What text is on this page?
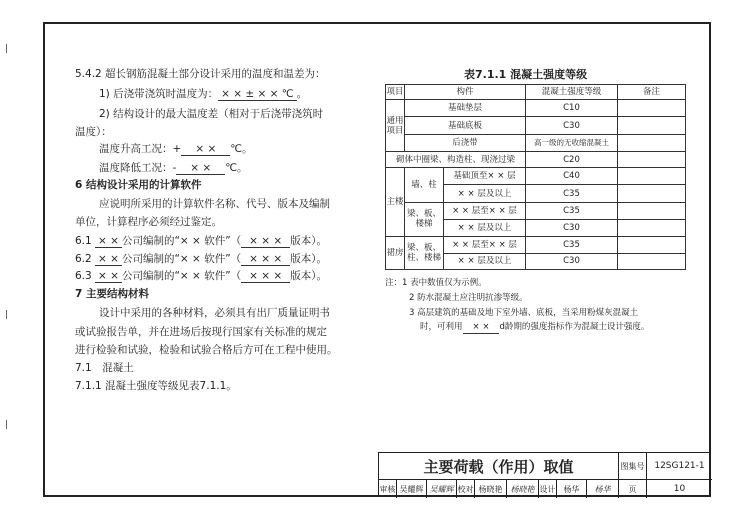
5.4.2 超长钢筋混凝土部分设计采用的温度和温差为：
1) 后浇带浇筑时温度为： × × ± × × ℃ 。
2) 结构设计的最大温度差（相对于后浇带浇筑时
温度）：
温度升高工况：+ × × ℃。
温度降低工况：- × × ℃。
6 结构设计采用的计算软件
应说明所采用的计算软件名称、代号、版本及编制
单位，计算程序必须经过鉴定。
6.1 × × 公司编制的“× × 软件”（ × × × 版本）。
6.2 × × 公司编制的“× × 软件”（ × × × 版本）。
6.3 × × 公司编制的“× × 软件”（ × × × 版本）。
7 主要结构材料
设计中采用的各种材料，必须具有出厂质量证明书
或试验报告单，并在进场后按现行国家有关标准的规定
进行检验和试验，检验和试验合格后方可在工程中使用。
7.1　混凝土
7.1.1 混凝土强度等级见表7.1.1。
表7.1.1 混凝土强度等级
项目	构件		混凝土强度等级	备注
通用
项目	基础垫层		C10	
	基础底板		C30	
	后浇带		高一级的无收缩混凝土	
砌体中圈梁、构造柱、现浇过梁			C20	
主楼	墙、柱	基础顶至× × 层	C40	
		× × 层及以上	C35	
	梁、板、楼梯	× × 层至× × 层	C35	
		× × 层及以上	C30	
裙房	梁、板、柱、楼梯	× × 层至× × 层	C35	
		× × 层及以上	C30	
注：1 表中数值仅为示例。
2 防水混凝土应注明抗渗等级。
3 高层建筑的基础及地下室外墙、底板，当采用粉煤灰混凝土
时，可利用 × × d龄期的强度指标作为混凝土设计强度。
主要荷载（作用）取值	图集号	12SG121-1
审核 吴耀辉 吴耀辉 校对 杨晓艳	杨晓艳 设计	杨华	杨华	页	10
